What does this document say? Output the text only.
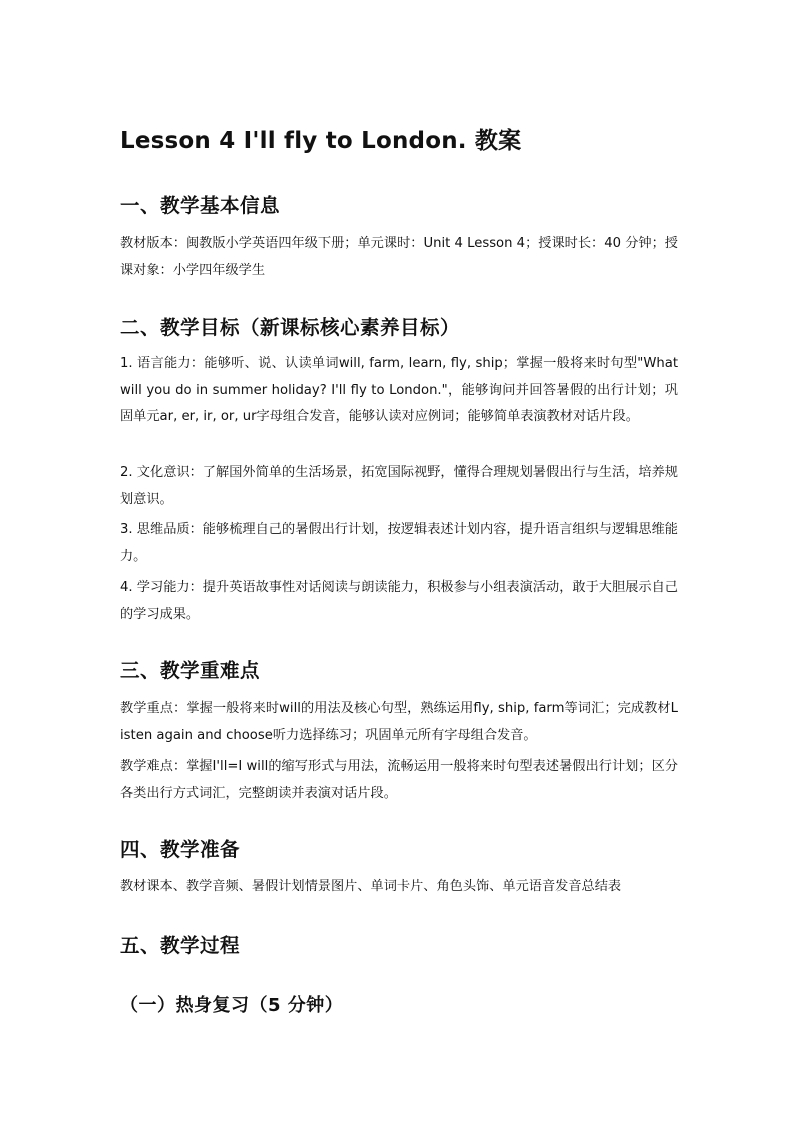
Lesson 4 I'll fly to London. 教案
一、教学基本信息
教材版本：闽教版小学英语四年级下册；单元课时：Unit 4 Lesson 4；授课时长：40 分钟；授课对象：小学四年级学生
二、教学目标（新课标核心素养目标）
1. 语言能力：能够听、说、认读单词will, farm, learn, fly, ship；掌握一般将来时句型"What will you do in summer holiday? I'll fly to London."，能够询问并回答暑假的出行计划；巩固单元ar, er, ir, or, ur字母组合发音，能够认读对应例词；能够简单表演教材对话片段。
2. 文化意识：了解国外简单的生活场景，拓宽国际视野，懂得合理规划暑假出行与生活，培养规划意识。
3. 思维品质：能够梳理自己的暑假出行计划，按逻辑表述计划内容，提升语言组织与逻辑思维能力。
4. 学习能力：提升英语故事性对话阅读与朗读能力，积极参与小组表演活动，敢于大胆展示自己的学习成果。
三、教学重难点
教学重点：掌握一般将来时will的用法及核心句型，熟练运用fly, ship, farm等词汇；完成教材Listen again and choose听力选择练习；巩固单元所有字母组合发音。
教学难点：掌握I'll=I will的缩写形式与用法，流畅运用一般将来时句型表述暑假出行计划；区分各类出行方式词汇，完整朗读并表演对话片段。
四、教学准备
教材课本、教学音频、暑假计划情景图片、单词卡片、角色头饰、单元语音发音总结表
五、教学过程
（一）热身复习（5 分钟）
